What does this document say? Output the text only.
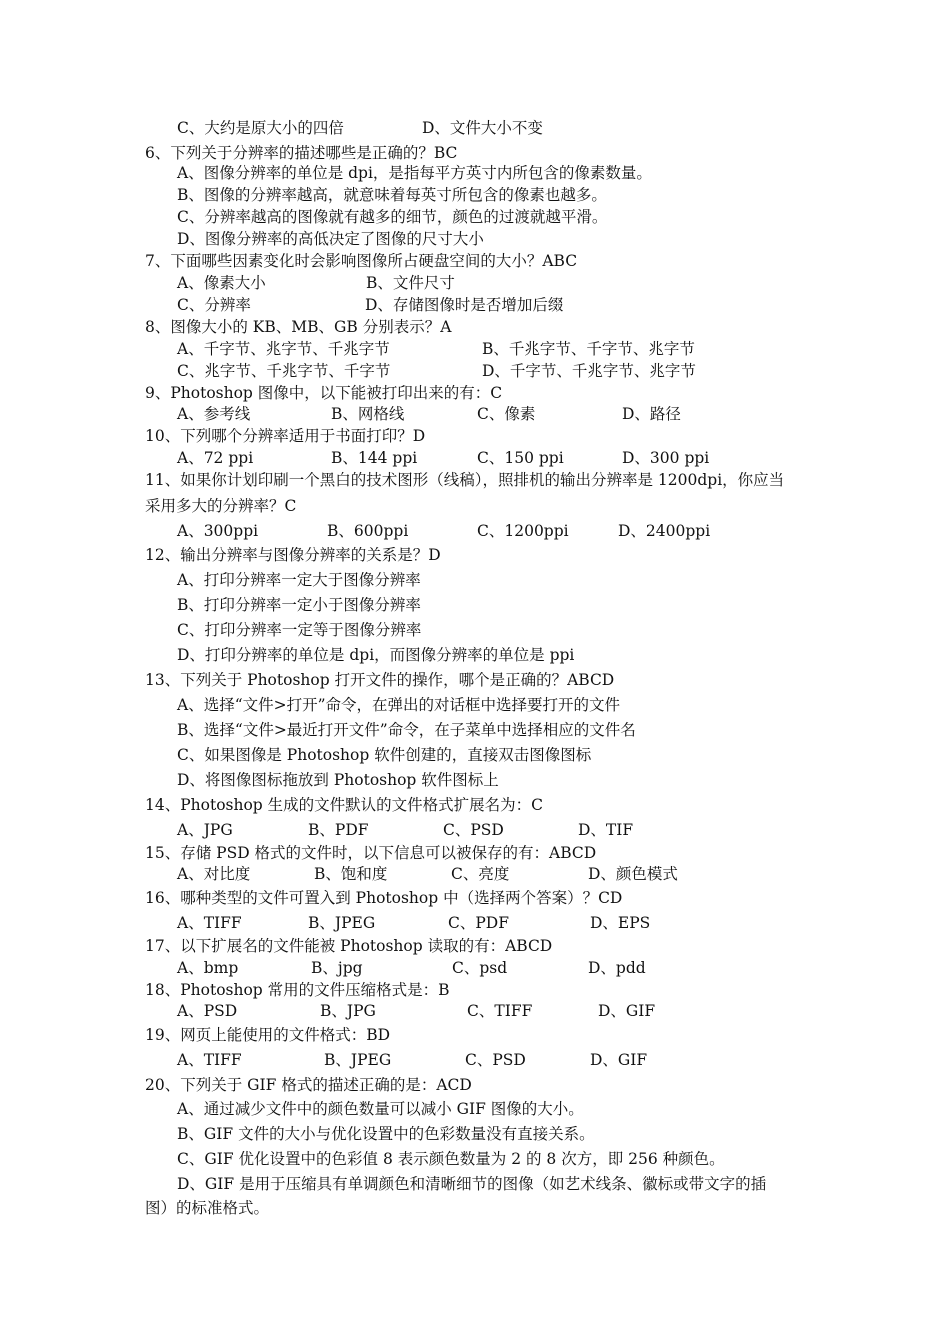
C、大约是原大小的四倍	D、文件大小不变
6、下列关于分辨率的描述哪些是正确的？BC
A、图像分辨率的单位是 dpi，是指每平方英寸内所包含的像素数量。
B、图像的分辨率越高，就意味着每英寸所包含的像素也越多。
C、分辨率越高的图像就有越多的细节，颜色的过渡就越平滑。
D、图像分辨率的高低决定了图像的尺寸大小
7、下面哪些因素变化时会影响图像所占硬盘空间的大小？ABC
A、像素大小	B、文件尺寸
C、分辨率	D、存储图像时是否增加后缀
8、图像大小的 KB、MB、GB 分别表示？A
A、千字节、兆字节、千兆字节	B、千兆字节、千字节、兆字节
C、兆字节、千兆字节、千字节	D、千字节、千兆字节、兆字节
9、Photoshop 图像中，以下能被打印出来的有：C
A、参考线	B、网格线	C、像素	D、路径
10、下列哪个分辨率适用于书面打印？D
A、72 ppi	B、144 ppi	C、150 ppi	D、300 ppi
11、如果你计划印刷一个黑白的技术图形（线稿），照排机的输出分辨率是 1200dpi，你应当
采用多大的分辨率？C
A、300ppi	B、600ppi	C、1200ppi	D、2400ppi
12、输出分辨率与图像分辨率的关系是？D
A、打印分辨率一定大于图像分辨率
B、打印分辨率一定小于图像分辨率
C、打印分辨率一定等于图像分辨率
D、打印分辨率的单位是 dpi，而图像分辨率的单位是 ppi
13、下列关于 Photoshop 打开文件的操作，哪个是正确的？ABCD
A、选择“文件>打开”命令，在弹出的对话框中选择要打开的文件
B、选择“文件>最近打开文件”命令，在子菜单中选择相应的文件名
C、如果图像是 Photoshop 软件创建的，直接双击图像图标
D、将图像图标拖放到 Photoshop 软件图标上
14、Photoshop 生成的文件默认的文件格式扩展名为：C
A、JPG	B、PDF	C、PSD	D、TIF
15、存储 PSD 格式的文件时，以下信息可以被保存的有：ABCD
A、对比度	B、饱和度	C、亮度	D、颜色模式
16、哪种类型的文件可置入到 Photoshop 中（选择两个答案）？CD
A、TIFF	B、JPEG	C、PDF	D、EPS
17、以下扩展名的文件能被 Photoshop 读取的有：ABCD
A、bmp	B、jpg	C、psd	D、pdd
18、Photoshop 常用的文件压缩格式是：B
A、PSD	B、JPG	C、TIFF	D、GIF
19、网页上能使用的文件格式：BD
A、TIFF	B、JPEG	C、PSD	D、GIF
20、下列关于 GIF 格式的描述正确的是：ACD
A、通过减少文件中的颜色数量可以减小 GIF 图像的大小。
B、GIF 文件的大小与优化设置中的色彩数量没有直接关系。
C、GIF 优化设置中的色彩值 8 表示颜色数量为 2 的 8 次方，即 256 种颜色。
D、GIF 是用于压缩具有单调颜色和清晰细节的图像（如艺术线条、徽标或带文字的插
图）的标准格式。
